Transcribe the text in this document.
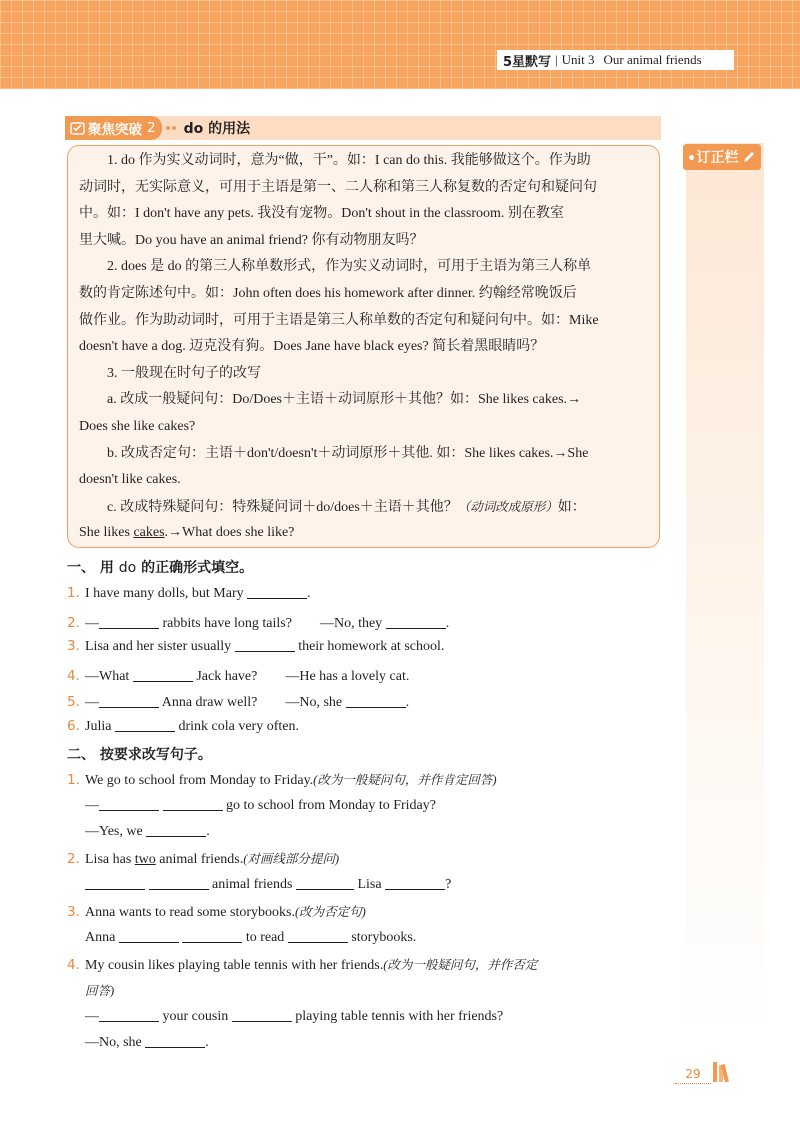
5星默写 | Unit 3 Our animal friends
订正栏
聚焦突破 2 do 的用法
1. do 作为实义动词时，意为“做，干”。如：I can do this. 我能够做这个。作为助
动词时，无实际意义，可用于主语是第一、二人称和第三人称复数的否定句和疑问句
中。如：I don't have any pets. 我没有宠物。Don't shout in the classroom. 别在教室
里大喊。Do you have an animal friend? 你有动物朋友吗？
2. does 是 do 的第三人称单数形式，作为实义动词时，可用于主语为第三人称单
数的肯定陈述句中。如：John often does his homework after dinner. 约翰经常晚饭后
做作业。作为助动词时，可用于主语是第三人称单数的否定句和疑问句中。如：Mike
doesn't have a dog. 迈克没有狗。Does Jane have black eyes? 简长着黑眼睛吗？
3. 一般现在时句子的改写
a. 改成一般疑问句：Do/Does＋主语＋动词原形＋其他？如：She likes cakes.→
Does she like cakes?
b. 改成否定句：主语＋don't/doesn't＋动词原形＋其他. 如：She likes cakes.→She
doesn't like cakes.
c. 改成特殊疑问句：特殊疑问词＋do/does＋主语＋其他？（动词改成原形）如：
She likes cakes.→What does she like?
一、 用 do 的正确形式填空。
1. I have many dolls, but Mary	.
2. —	rabbits have long tails?　　—No, they	.
3. Lisa and her sister usually	their homework at school.
4. —What	Jack have?　　—He has a lovely cat.
5. —	Anna draw well?　　—No, she	.
6. Julia	drink cola very often.
二、 按要求改写句子。
1. We go to school from Monday to Friday.(改为一般疑问句，并作肯定回答)
—	go to school from Monday to Friday?
—Yes, we	.
2. Lisa has two animal friends.(对画线部分提问)
animal friends	Lisa	?
3. Anna wants to read some storybooks.(改为否定句)
Anna	to read	storybooks.
4. My cousin likes playing table tennis with her friends.(改为一般疑问句，并作否定
回答)
—	your cousin	playing table tennis with her friends?
—No, she	.
29
